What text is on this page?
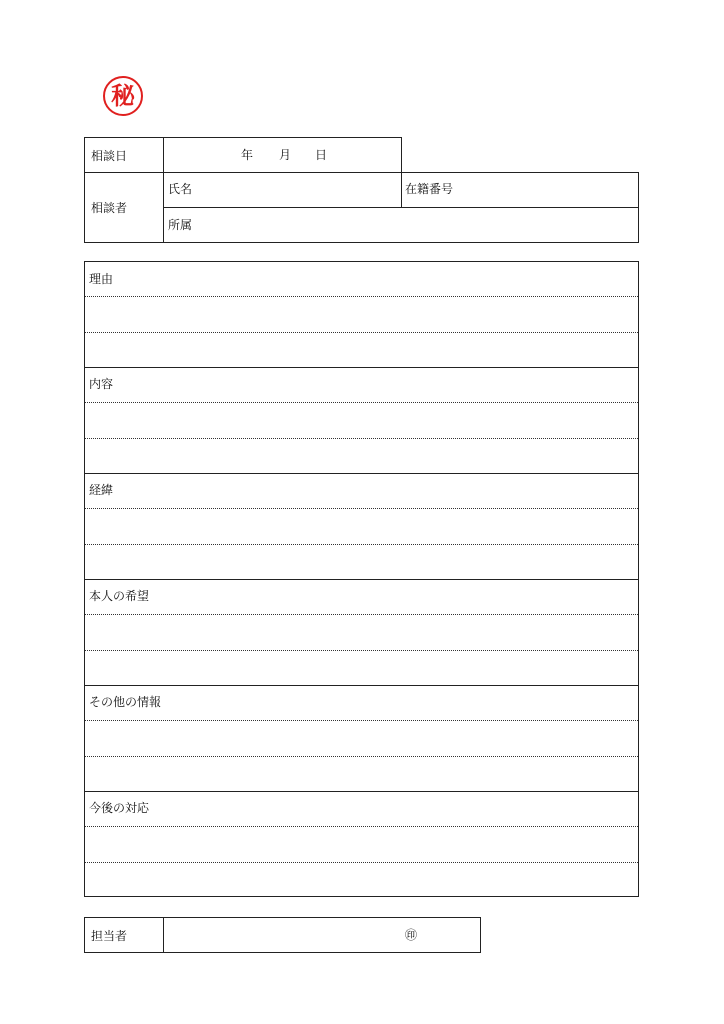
秘
相談日	年 月 日
相談者
氏名	在籍番号
所属
理由
内容
経緯
本人の希望
その他の情報
今後の対応
担当者	㊞
